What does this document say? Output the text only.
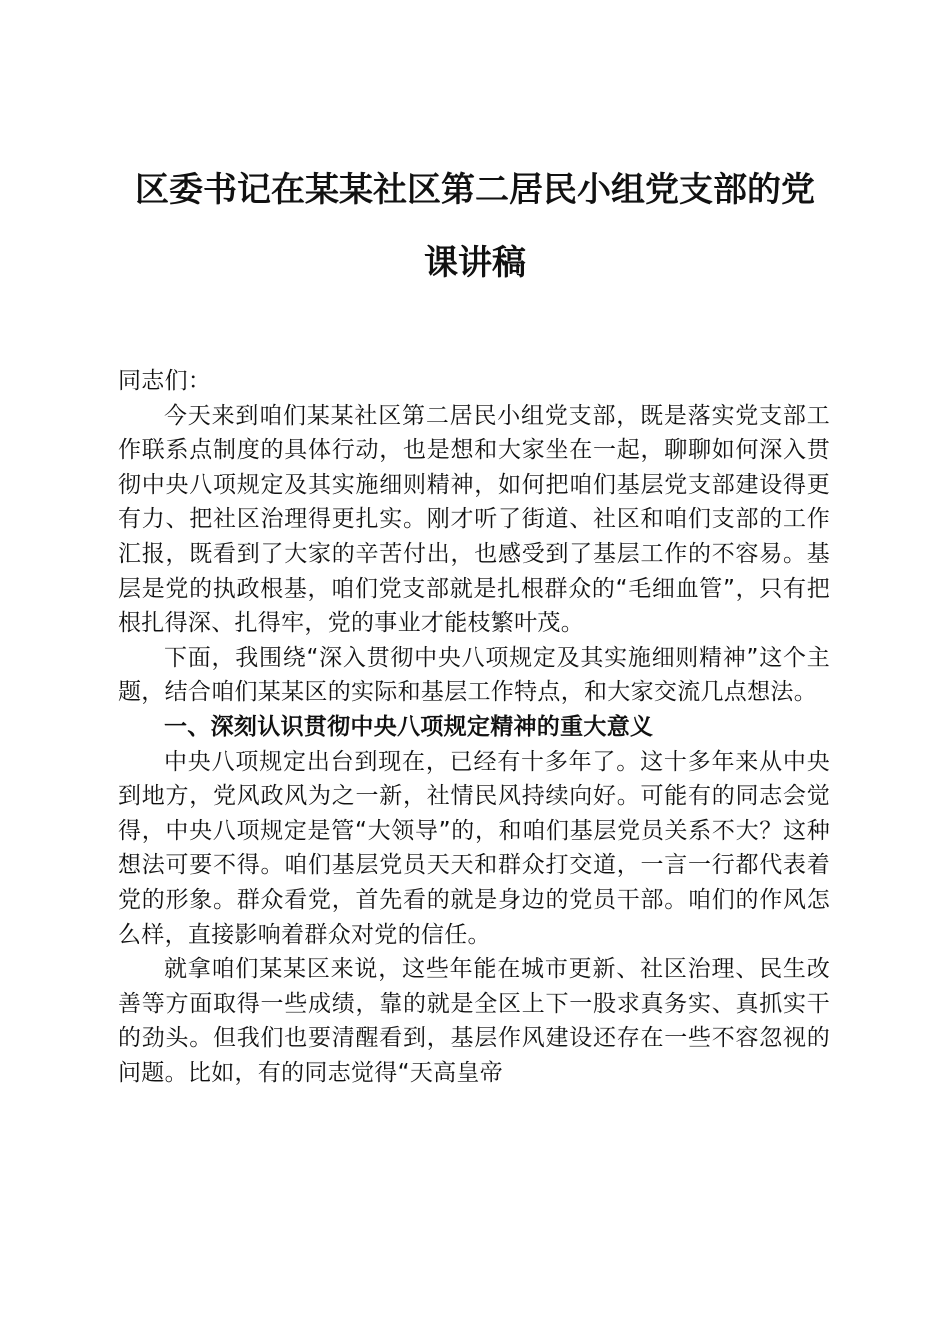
区委书记在某某社区第二居民小组党支部的党
课讲稿

同志们：

今天来到咱们某某社区第二居民小组党支部，既是落实党支部工作联系点制度的具体行动，也是想和大家坐在一起，聊聊如何深入贯彻中央八项规定及其实施细则精神，如何把咱们基层党支部建设得更有力、把社区治理得更扎实。刚才听了街道、社区和咱们支部的工作汇报，既看到了大家的辛苦付出，也感受到了基层工作的不容易。基层是党的执政根基，咱们党支部就是扎根群众的“毛细血管”，只有把根扎得深、扎得牢，党的事业才能枝繁叶茂。

下面，我围绕“深入贯彻中央八项规定及其实施细则精神”这个主题，结合咱们某某区的实际和基层工作特点，和大家交流几点想法。

一、深刻认识贯彻中央八项规定精神的重大意义

中央八项规定出台到现在，已经有十多年了。这十多年来从中央到地方，党风政风为之一新，社情民风持续向好。可能有的同志会觉得，中央八项规定是管“大领导”的，和咱们基层党员关系不大？这种想法可要不得。咱们基层党员天天和群众打交道，一言一行都代表着党的形象。群众看党，首先看的就是身边的党员干部。咱们的作风怎么样，直接影响着群众对党的信任。

就拿咱们某某区来说，这些年能在城市更新、社区治理、民生改善等方面取得一些成绩，靠的就是全区上下一股求真务实、真抓实干的劲头。但我们也要清醒看到，基层作风建设还存在一些不容忽视的问题。比如，有的同志觉得“天高皇帝
